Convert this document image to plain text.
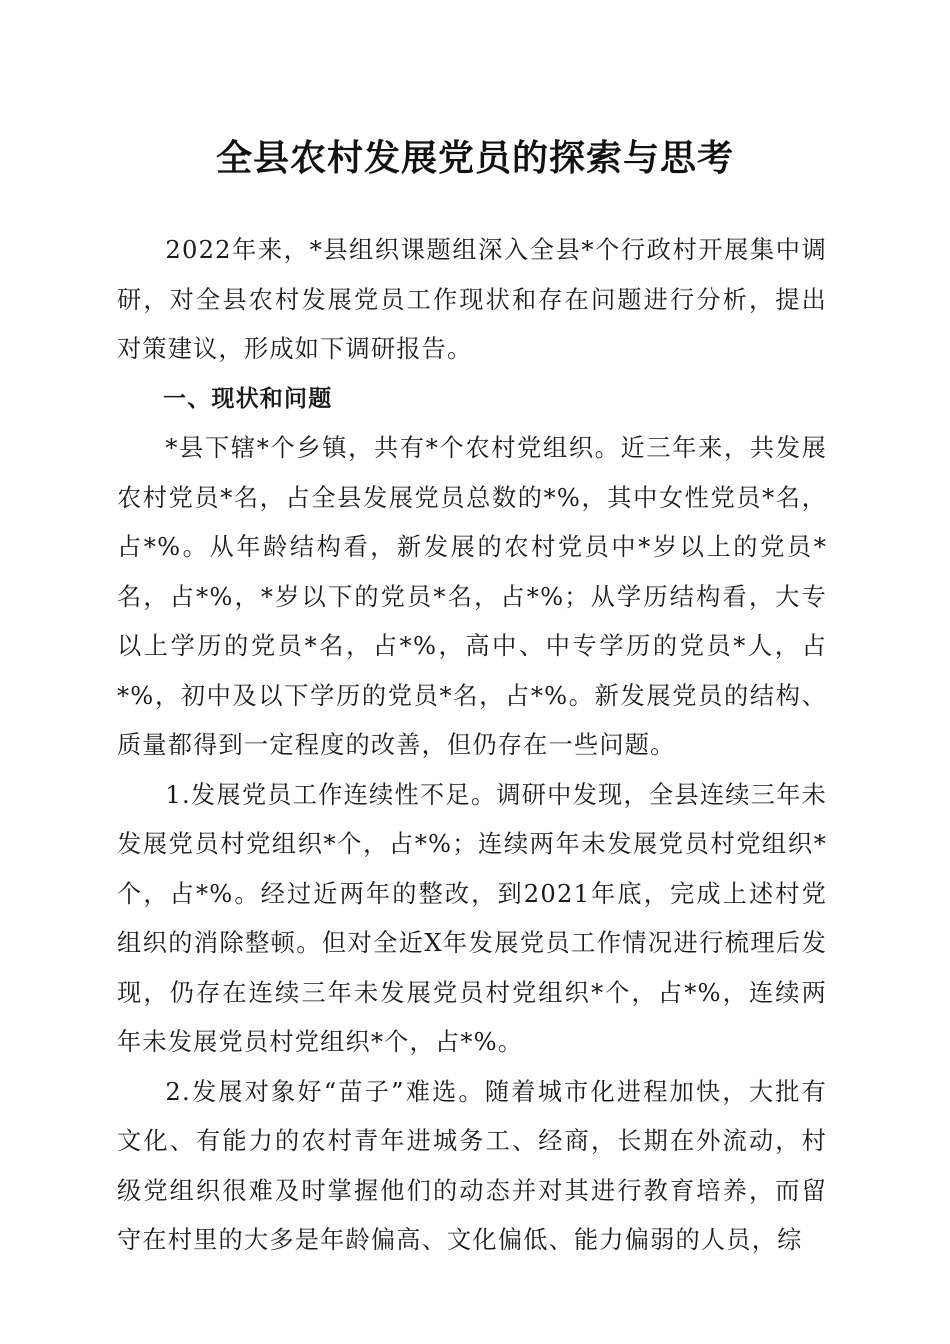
全县农村发展党员的探索与思考

2022年来，*县组织课题组深入全县*个行政村开展集中调研，对全县农村发展党员工作现状和存在问题进行分析，提出对策建议，形成如下调研报告。

一、现状和问题

*县下辖*个乡镇，共有*个农村党组织。近三年来，共发展农村党员*名，占全县发展党员总数的*%，其中女性党员*名，占*%。从年龄结构看，新发展的农村党员中*岁以上的党员*名，占*%，*岁以下的党员*名，占*%；从学历结构看，大专以上学历的党员*名，占*%，高中、中专学历的党员*人，占*%，初中及以下学历的党员*名，占*%。新发展党员的结构、质量都得到一定程度的改善，但仍存在一些问题。

1.发展党员工作连续性不足。调研中发现，全县连续三年未发展党员村党组织*个，占*%；连续两年未发展党员村党组织*个，占*%。经过近两年的整改，到2021年底，完成上述村党组织的消除整顿。但对全近X年发展党员工作情况进行梳理后发现，仍存在连续三年未发展党员村党组织*个，占*%，连续两年未发展党员村党组织*个，占*%。

2.发展对象好“苗子”难选。随着城市化进程加快，大批有文化、有能力的农村青年进城务工、经商，长期在外流动，村级党组织很难及时掌握他们的动态并对其进行教育培养，而留守在村里的大多是年龄偏高、文化偏低、能力偏弱的人员，综
